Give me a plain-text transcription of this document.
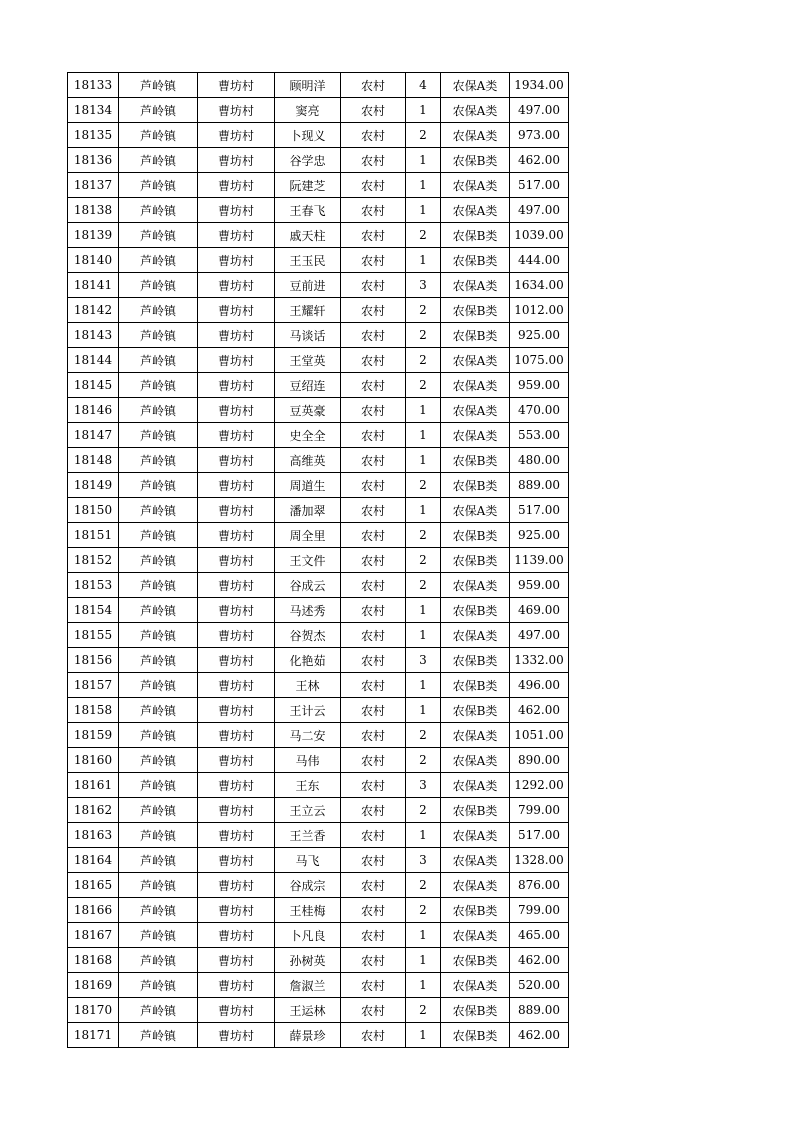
18133	芦岭镇	曹坊村	顾明洋	农村	4	农保A类	1934.00
18134	芦岭镇	曹坊村	窦亮	农村	1	农保A类	497.00
18135	芦岭镇	曹坊村	卜现义	农村	2	农保A类	973.00
18136	芦岭镇	曹坊村	谷学忠	农村	1	农保B类	462.00
18137	芦岭镇	曹坊村	阮建芝	农村	1	农保A类	517.00
18138	芦岭镇	曹坊村	王春飞	农村	1	农保A类	497.00
18139	芦岭镇	曹坊村	戚天柱	农村	2	农保B类	1039.00
18140	芦岭镇	曹坊村	王玉民	农村	1	农保B类	444.00
18141	芦岭镇	曹坊村	豆前进	农村	3	农保A类	1634.00
18142	芦岭镇	曹坊村	王耀轩	农村	2	农保B类	1012.00
18143	芦岭镇	曹坊村	马谈话	农村	2	农保B类	925.00
18144	芦岭镇	曹坊村	王堂英	农村	2	农保A类	1075.00
18145	芦岭镇	曹坊村	豆绍连	农村	2	农保A类	959.00
18146	芦岭镇	曹坊村	豆英豪	农村	1	农保A类	470.00
18147	芦岭镇	曹坊村	史全全	农村	1	农保A类	553.00
18148	芦岭镇	曹坊村	高维英	农村	1	农保B类	480.00
18149	芦岭镇	曹坊村	周道生	农村	2	农保B类	889.00
18150	芦岭镇	曹坊村	潘加翠	农村	1	农保A类	517.00
18151	芦岭镇	曹坊村	周全里	农村	2	农保B类	925.00
18152	芦岭镇	曹坊村	王文件	农村	2	农保B类	1139.00
18153	芦岭镇	曹坊村	谷成云	农村	2	农保A类	959.00
18154	芦岭镇	曹坊村	马述秀	农村	1	农保B类	469.00
18155	芦岭镇	曹坊村	谷贺杰	农村	1	农保A类	497.00
18156	芦岭镇	曹坊村	化艳茹	农村	3	农保B类	1332.00
18157	芦岭镇	曹坊村	王林	农村	1	农保B类	496.00
18158	芦岭镇	曹坊村	王计云	农村	1	农保B类	462.00
18159	芦岭镇	曹坊村	马二安	农村	2	农保A类	1051.00
18160	芦岭镇	曹坊村	马伟	农村	2	农保A类	890.00
18161	芦岭镇	曹坊村	王东	农村	3	农保A类	1292.00
18162	芦岭镇	曹坊村	王立云	农村	2	农保B类	799.00
18163	芦岭镇	曹坊村	王兰香	农村	1	农保A类	517.00
18164	芦岭镇	曹坊村	马飞	农村	3	农保A类	1328.00
18165	芦岭镇	曹坊村	谷成宗	农村	2	农保A类	876.00
18166	芦岭镇	曹坊村	王桂梅	农村	2	农保B类	799.00
18167	芦岭镇	曹坊村	卜凡良	农村	1	农保A类	465.00
18168	芦岭镇	曹坊村	孙树英	农村	1	农保B类	462.00
18169	芦岭镇	曹坊村	詹淑兰	农村	1	农保A类	520.00
18170	芦岭镇	曹坊村	王运林	农村	2	农保B类	889.00
18171	芦岭镇	曹坊村	薛景珍	农村	1	农保B类	462.00
